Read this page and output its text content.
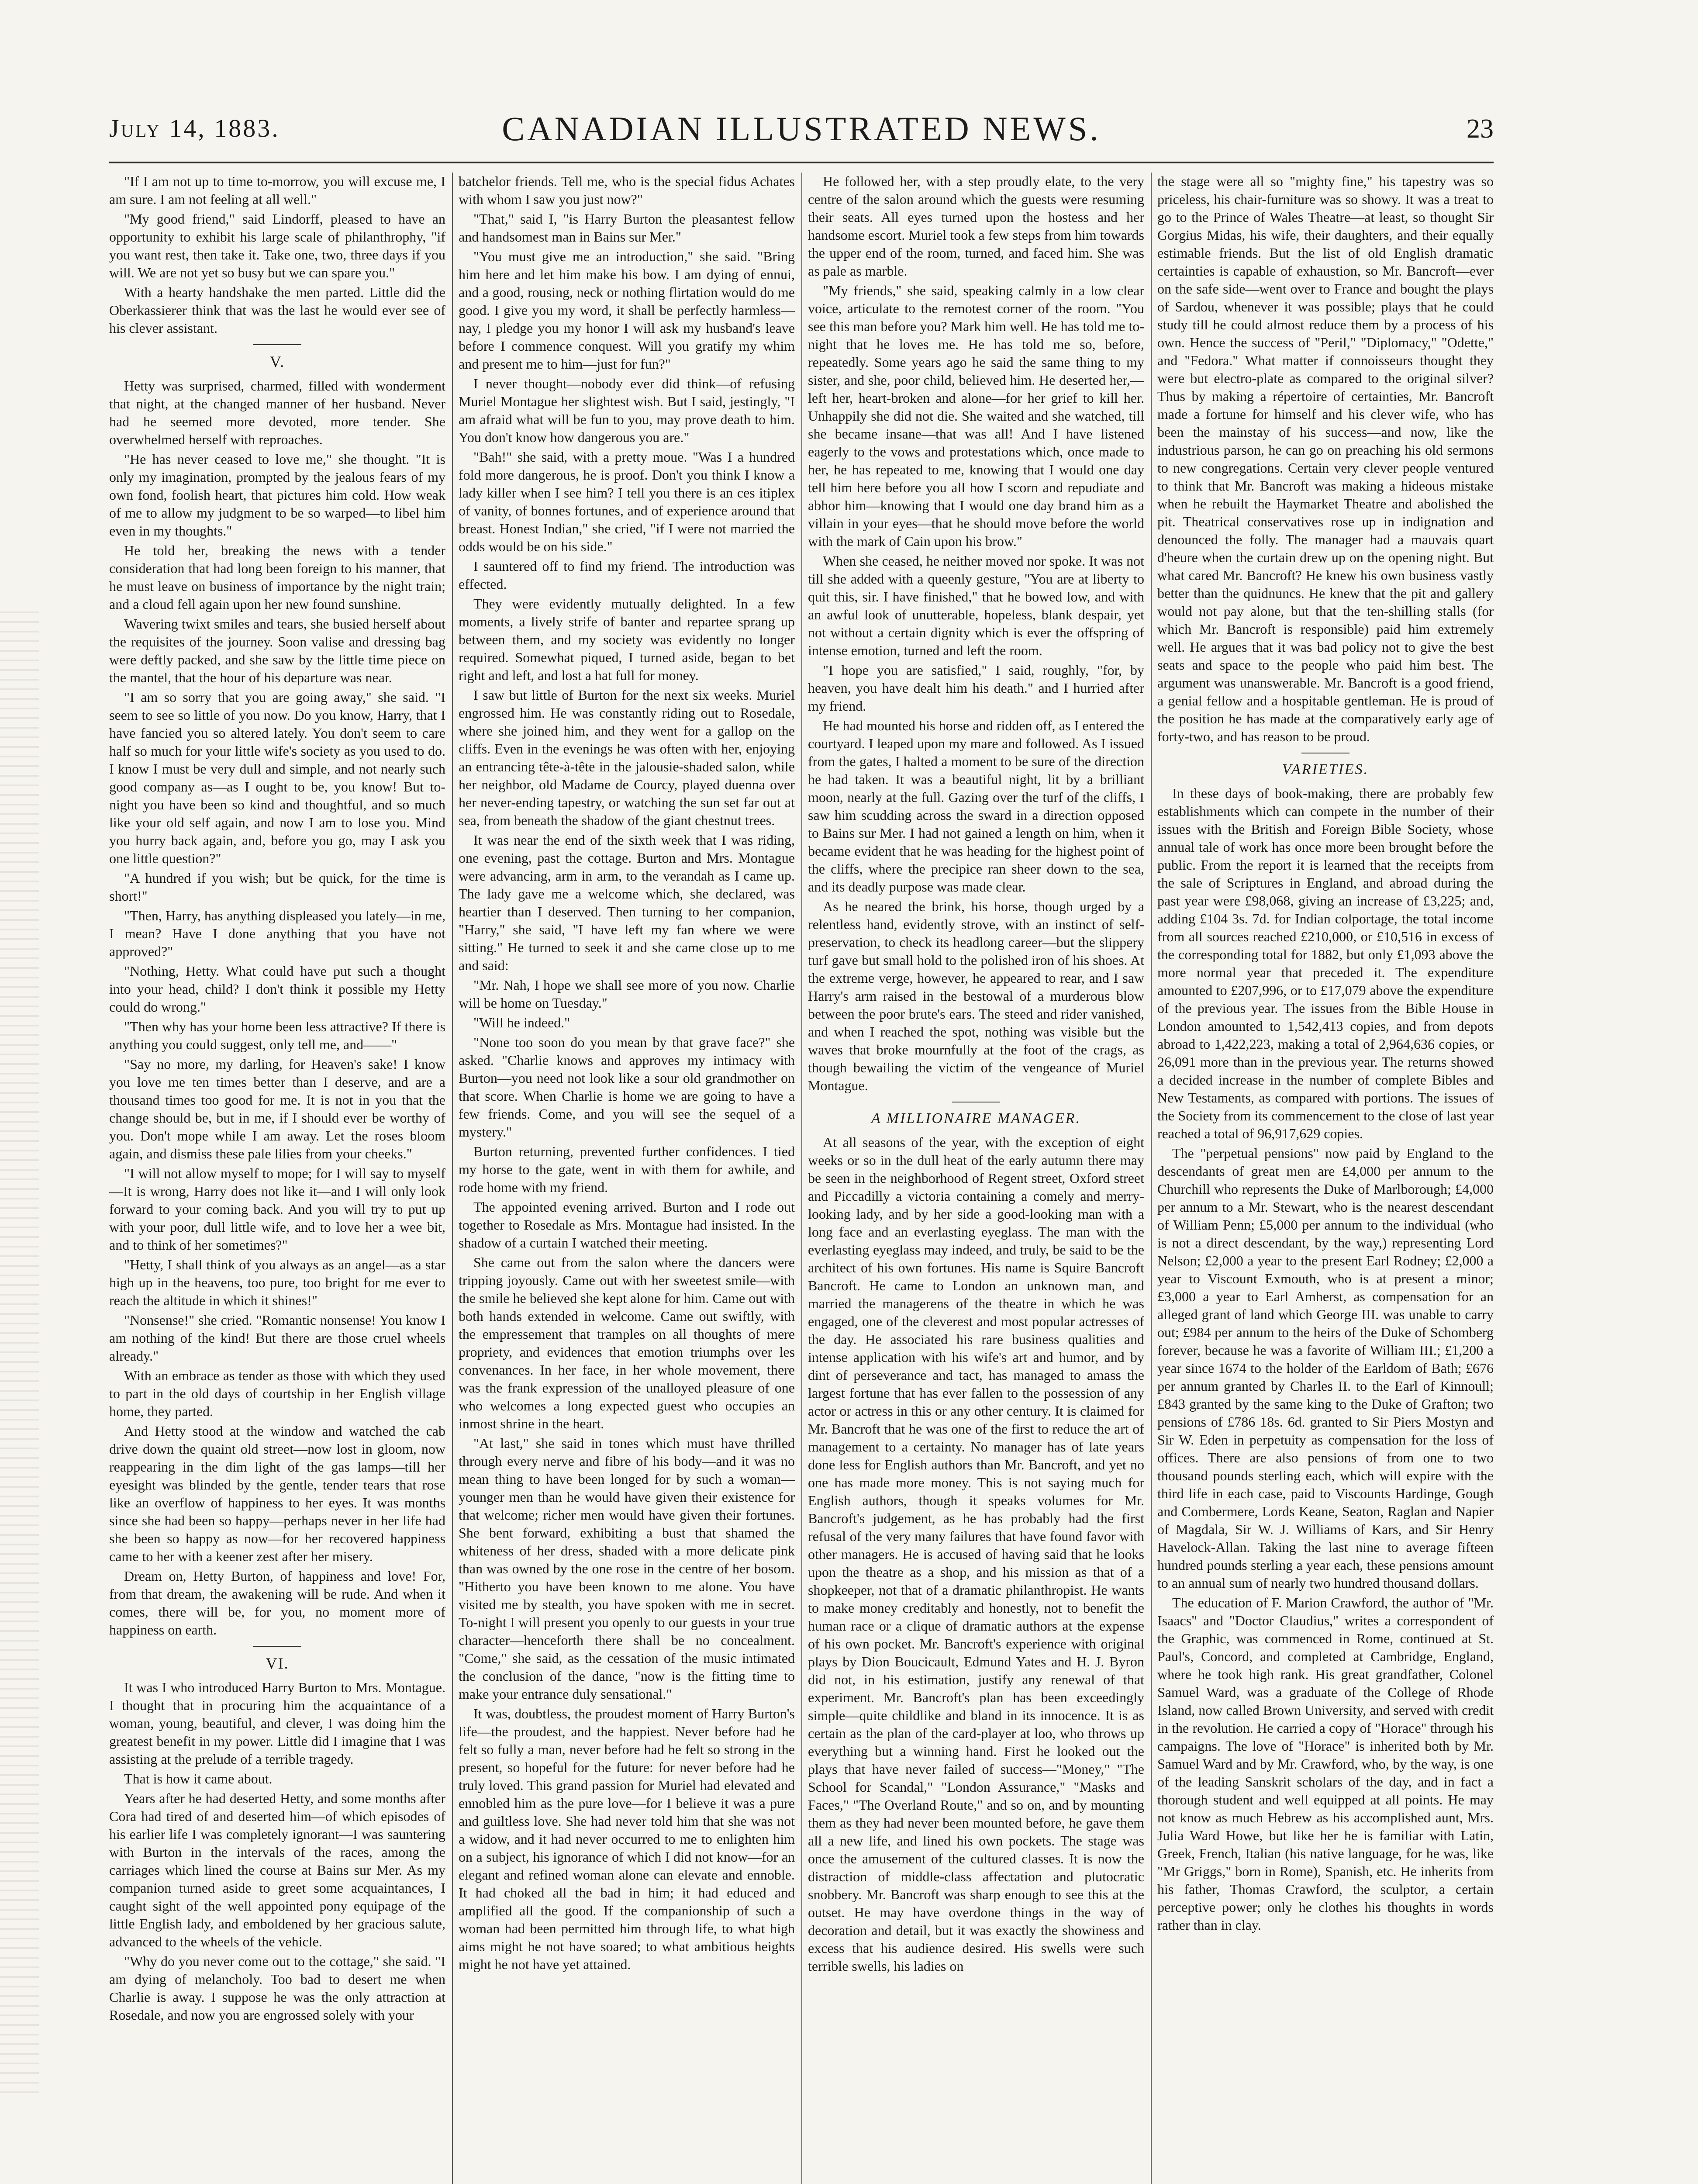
July 14, 1883.	CANADIAN ILLUSTRATED NEWS.	23

"If I am not up to time to-morrow, you will excuse me, I am sure. I am not feeling at all well."

"My good friend," said Lindorff, pleased to have an opportunity to exhibit his large scale of philanthrophy, "if you want rest, then take it. Take one, two, three days if you will. We are not yet so busy but we can spare you."

With a hearty handshake the men parted. Little did the Oberkassierer think that was the last he would ever see of his clever assistant.

V.

Hetty was surprised, charmed, filled with wonderment that night, at the changed manner of her husband. Never had he seemed more devoted, more tender. She overwhelmed herself with reproaches.

"He has never ceased to love me," she thought. "It is only my imagination, prompted by the jealous fears of my own fond, foolish heart, that pictures him cold. How weak of me to allow my judgment to be so warped—to libel him even in my thoughts."

He told her, breaking the news with a tender consideration that had long been foreign to his manner, that he must leave on business of importance by the night train; and a cloud fell again upon her new found sunshine.

Wavering twixt smiles and tears, she busied herself about the requisites of the journey. Soon valise and dressing bag were deftly packed, and she saw by the little time piece on the mantel, that the hour of his departure was near.

"I am so sorry that you are going away," she said. "I seem to see so little of you now. Do you know, Harry, that I have fancied you so altered lately. You don't seem to care half so much for your little wife's society as you used to do. I know I must be very dull and simple, and not nearly such good company as—as I ought to be, you know! But to-night you have been so kind and thoughtful, and so much like your old self again, and now I am to lose you. Mind you hurry back again, and, before you go, may I ask you one little question?"

"A hundred if you wish; but be quick, for the time is short!"

"Then, Harry, has anything displeased you lately—in me, I mean? Have I done anything that you have not approved?"

"Nothing, Hetty. What could have put such a thought into your head, child? I don't think it possible my Hetty could do wrong."

"Then why has your home been less attractive? If there is anything you could suggest, only tell me, and——"

"Say no more, my darling, for Heaven's sake! I know you love me ten times better than I deserve, and are a thousand times too good for me. It is not in you that the change should be, but in me, if I should ever be worthy of you. Don't mope while I am away. Let the roses bloom again, and dismiss these pale lilies from your cheeks."

"I will not allow myself to mope; for I will say to myself—It is wrong, Harry does not like it—and I will only look forward to your coming back. And you will try to put up with your poor, dull little wife, and to love her a wee bit, and to think of her sometimes?"

"Hetty, I shall think of you always as an angel—as a star high up in the heavens, too pure, too bright for me ever to reach the altitude in which it shines!"

"Nonsense!" she cried. "Romantic nonsense! You know I am nothing of the kind! But there are those cruel wheels already."

With an embrace as tender as those with which they used to part in the old days of courtship in her English village home, they parted.

And Hetty stood at the window and watched the cab drive down the quaint old street—now lost in gloom, now reappearing in the dim light of the gas lamps—till her eyesight was blinded by the gentle, tender tears that rose like an overflow of happiness to her eyes. It was months since she had been so happy—perhaps never in her life had she been so happy as now—for her recovered happiness came to her with a keener zest after her misery.

Dream on, Hetty Burton, of happiness and love! For, from that dream, the awakening will be rude. And when it comes, there will be, for you, no moment more of happiness on earth.

VI.

It was I who introduced Harry Burton to Mrs. Montague. I thought that in procuring him the acquaintance of a woman, young, beautiful, and clever, I was doing him the greatest benefit in my power. Little did I imagine that I was assisting at the prelude of a terrible tragedy.

That is how it came about.

Years after he had deserted Hetty, and some months after Cora had tired of and deserted him—of which episodes of his earlier life I was completely ignorant—I was sauntering with Burton in the intervals of the races, among the carriages which lined the course at Bains sur Mer. As my companion turned aside to greet some acquaintances, I caught sight of the well appointed pony equipage of the little English lady, and emboldened by her gracious salute, advanced to the wheels of the vehicle.

"Why do you never come out to the cottage," she said. "I am dying of melancholy. Too bad to desert me when Charlie is away. I suppose he was the only attraction at Rosedale, and now you are engrossed solely with your

batchelor friends. Tell me, who is the special fidus Achates with whom I saw you just now?"

"That," said I, "is Harry Burton the pleasantest fellow and handsomest man in Bains sur Mer."

"You must give me an introduction," she said. "Bring him here and let him make his bow. I am dying of ennui, and a good, rousing, neck or nothing flirtation would do me good. I give you my word, it shall be perfectly harmless—nay, I pledge you my honor I will ask my husband's leave before I commence conquest. Will you gratify my whim and present me to him—just for fun?"

I never thought—nobody ever did think—of refusing Muriel Montague her slightest wish. But I said, jestingly, "I am afraid what will be fun to you, may prove death to him. You don't know how dangerous you are."

"Bah!" she said, with a pretty moue. "Was I a hundred fold more dangerous, he is proof. Don't you think I know a lady killer when I see him? I tell you there is an ces itiplex of vanity, of bonnes fortunes, and of experience around that breast. Honest Indian," she cried, "if I were not married the odds would be on his side."

I sauntered off to find my friend. The introduction was effected.

They were evidently mutually delighted. In a few moments, a lively strife of banter and repartee sprang up between them, and my society was evidently no longer required. Somewhat piqued, I turned aside, began to bet right and left, and lost a hat full for money.

I saw but little of Burton for the next six weeks. Muriel engrossed him. He was constantly riding out to Rosedale, where she joined him, and they went for a gallop on the cliffs. Even in the evenings he was often with her, enjoying an entrancing tête-à-tête in the jalousie-shaded salon, while her neighbor, old Madame de Courcy, played duenna over her never-ending tapestry, or watching the sun set far out at sea, from beneath the shadow of the giant chestnut trees.

It was near the end of the sixth week that I was riding, one evening, past the cottage. Burton and Mrs. Montague were advancing, arm in arm, to the verandah as I came up. The lady gave me a welcome which, she declared, was heartier than I deserved. Then turning to her companion, "Harry," she said, "I have left my fan where we were sitting." He turned to seek it and she came close up to me and said:

"Mr. Nah, I hope we shall see more of you now. Charlie will be home on Tuesday."

"Will he indeed."

"None too soon do you mean by that grave face?" she asked. "Charlie knows and approves my intimacy with Burton—you need not look like a sour old grandmother on that score. When Charlie is home we are going to have a few friends. Come, and you will see the sequel of a mystery."

Burton returning, prevented further confidences. I tied my horse to the gate, went in with them for awhile, and rode home with my friend.

The appointed evening arrived. Burton and I rode out together to Rosedale as Mrs. Montague had insisted. In the shadow of a curtain I watched their meeting.

She came out from the salon where the dancers were tripping joyously. Came out with her sweetest smile—with the smile he believed she kept alone for him. Came out with both hands extended in welcome. Came out swiftly, with the empressement that tramples on all thoughts of mere propriety, and evidences that emotion triumphs over les convenances. In her face, in her whole movement, there was the frank expression of the unalloyed pleasure of one who welcomes a long expected guest who occupies an inmost shrine in the heart.

"At last," she said in tones which must have thrilled through every nerve and fibre of his body—and it was no mean thing to have been longed for by such a woman—younger men than he would have given their existence for that welcome; richer men would have given their fortunes. She bent forward, exhibiting a bust that shamed the whiteness of her dress, shaded with a more delicate pink than was owned by the one rose in the centre of her bosom. "Hitherto you have been known to me alone. You have visited me by stealth, you have spoken with me in secret. To-night I will present you openly to our guests in your true character—henceforth there shall be no concealment. "Come," she said, as the cessation of the music intimated the conclusion of the dance, "now is the fitting time to make your entrance duly sensational."

It was, doubtless, the proudest moment of Harry Burton's life—the proudest, and the happiest. Never before had he felt so fully a man, never before had he felt so strong in the present, so hopeful for the future: for never before had he truly loved. This grand passion for Muriel had elevated and ennobled him as the pure love—for I believe it was a pure and guiltless love. She had never told him that she was not a widow, and it had never occurred to me to enlighten him on a subject, his ignorance of which I did not know—for an elegant and refined woman alone can elevate and ennoble. It had choked all the bad in him; it had educed and amplified all the good. If the companionship of such a woman had been permitted him through life, to what high aims might he not have soared; to what ambitious heights might he not have yet attained.

He followed her, with a step proudly elate, to the very centre of the salon around which the guests were resuming their seats. All eyes turned upon the hostess and her handsome escort. Muriel took a few steps from him towards the upper end of the room, turned, and faced him. She was as pale as marble.

"My friends," she said, speaking calmly in a low clear voice, articulate to the remotest corner of the room. "You see this man before you? Mark him well. He has told me to-night that he loves me. He has told me so, before, repeatedly. Some years ago he said the same thing to my sister, and she, poor child, believed him. He deserted her,—left her, heart-broken and alone—for her grief to kill her. Unhappily she did not die. She waited and she watched, till she became insane—that was all! And I have listened eagerly to the vows and protestations which, once made to her, he has repeated to me, knowing that I would one day tell him here before you all how I scorn and repudiate and abhor him—knowing that I would one day brand him as a villain in your eyes—that he should move before the world with the mark of Cain upon his brow."

When she ceased, he neither moved nor spoke. It was not till she added with a queenly gesture, "You are at liberty to quit this, sir. I have finished," that he bowed low, and with an awful look of unutterable, hopeless, blank despair, yet not without a certain dignity which is ever the offspring of intense emotion, turned and left the room.

"I hope you are satisfied," I said, roughly, "for, by heaven, you have dealt him his death." and I hurried after my friend.

He had mounted his horse and ridden off, as I entered the courtyard. I leaped upon my mare and followed. As I issued from the gates, I halted a moment to be sure of the direction he had taken. It was a beautiful night, lit by a brilliant moon, nearly at the full. Gazing over the turf of the cliffs, I saw him scudding across the sward in a direction opposed to Bains sur Mer. I had not gained a length on him, when it became evident that he was heading for the highest point of the cliffs, where the precipice ran sheer down to the sea, and its deadly purpose was made clear.

As he neared the brink, his horse, though urged by a relentless hand, evidently strove, with an instinct of self-preservation, to check its headlong career—but the slippery turf gave but small hold to the polished iron of his shoes. At the extreme verge, however, he appeared to rear, and I saw Harry's arm raised in the bestowal of a murderous blow between the poor brute's ears. The steed and rider vanished, and when I reached the spot, nothing was visible but the waves that broke mournfully at the foot of the crags, as though bewailing the victim of the vengeance of Muriel Montague.

A MILLIONAIRE MANAGER.

At all seasons of the year, with the exception of eight weeks or so in the dull heat of the early autumn there may be seen in the neighborhood of Regent street, Oxford street and Piccadilly a victoria containing a comely and merry-looking lady, and by her side a good-looking man with a long face and an everlasting eyeglass. The man with the everlasting eyeglass may indeed, and truly, be said to be the architect of his own fortunes. His name is Squire Bancroft Bancroft. He came to London an unknown man, and married the managerens of the theatre in which he was engaged, one of the cleverest and most popular actresses of the day. He associated his rare business qualities and intense application with his wife's art and humor, and by dint of perseverance and tact, has managed to amass the largest fortune that has ever fallen to the possession of any actor or actress in this or any other century. It is claimed for Mr. Bancroft that he was one of the first to reduce the art of management to a certainty. No manager has of late years done less for English authors than Mr. Bancroft, and yet no one has made more money. This is not saying much for English authors, though it speaks volumes for Mr. Bancroft's judgement, as he has probably had the first refusal of the very many failures that have found favor with other managers. He is accused of having said that he looks upon the theatre as a shop, and his mission as that of a shopkeeper, not that of a dramatic philanthropist. He wants to make money creditably and honestly, not to benefit the human race or a clique of dramatic authors at the expense of his own pocket. Mr. Bancroft's experience with original plays by Dion Boucicault, Edmund Yates and H. J. Byron did not, in his estimation, justify any renewal of that experiment. Mr. Bancroft's plan has been exceedingly simple—quite childlike and bland in its innocence. It is as certain as the plan of the card-player at loo, who throws up everything but a winning hand. First he looked out the plays that have never failed of success—"Money," "The School for Scandal," "London Assurance," "Masks and Faces," "The Overland Route," and so on, and by mounting them as they had never been mounted before, he gave them all a new life, and lined his own pockets. The stage was once the amusement of the cultured classes. It is now the distraction of middle-class affectation and plutocratic snobbery. Mr. Bancroft was sharp enough to see this at the outset. He may have overdone things in the way of decoration and detail, but it was exactly the showiness and excess that his audience desired. His swells were such terrible swells, his ladies on

the stage were all so "mighty fine," his tapestry was so priceless, his chair-furniture was so showy. It was a treat to go to the Prince of Wales Theatre—at least, so thought Sir Gorgius Midas, his wife, their daughters, and their equally estimable friends. But the list of old English dramatic certainties is capable of exhaustion, so Mr. Bancroft—ever on the safe side—went over to France and bought the plays of Sardou, whenever it was possible; plays that he could study till he could almost reduce them by a process of his own. Hence the success of "Peril," "Diplomacy," "Odette," and "Fedora." What matter if connoisseurs thought they were but electro-plate as compared to the original silver? Thus by making a répertoire of certainties, Mr. Bancroft made a fortune for himself and his clever wife, who has been the mainstay of his success—and now, like the industrious parson, he can go on preaching his old sermons to new congregations. Certain very clever people ventured to think that Mr. Bancroft was making a hideous mistake when he rebuilt the Haymarket Theatre and abolished the pit. Theatrical conservatives rose up in indignation and denounced the folly. The manager had a mauvais quart d'heure when the curtain drew up on the opening night. But what cared Mr. Bancroft? He knew his own business vastly better than the quidnuncs. He knew that the pit and gallery would not pay alone, but that the ten-shilling stalls (for which Mr. Bancroft is responsible) paid him extremely well. He argues that it was bad policy not to give the best seats and space to the people who paid him best. The argument was unanswerable. Mr. Bancroft is a good friend, a genial fellow and a hospitable gentleman. He is proud of the position he has made at the comparatively early age of forty-two, and has reason to be proud.

VARIETIES.

In these days of book-making, there are probably few establishments which can compete in the number of their issues with the British and Foreign Bible Society, whose annual tale of work has once more been brought before the public. From the report it is learned that the receipts from the sale of Scriptures in England, and abroad during the past year were £98,068, giving an increase of £3,225; and, adding £104 3s. 7d. for Indian colportage, the total income from all sources reached £210,000, or £10,516 in excess of the corresponding total for 1882, but only £1,093 above the more normal year that preceded it. The expenditure amounted to £207,996, or to £17,079 above the expenditure of the previous year. The issues from the Bible House in London amounted to 1,542,413 copies, and from depots abroad to 1,422,223, making a total of 2,964,636 copies, or 26,091 more than in the previous year. The returns showed a decided increase in the number of complete Bibles and New Testaments, as compared with portions. The issues of the Society from its commencement to the close of last year reached a total of 96,917,629 copies.

The "perpetual pensions" now paid by England to the descendants of great men are £4,000 per annum to the Churchill who represents the Duke of Marlborough; £4,000 per annum to a Mr. Stewart, who is the nearest descendant of William Penn; £5,000 per annum to the individual (who is not a direct descendant, by the way,) representing Lord Nelson; £2,000 a year to the present Earl Rodney; £2,000 a year to Viscount Exmouth, who is at present a minor; £3,000 a year to Earl Amherst, as compensation for an alleged grant of land which George III. was unable to carry out; £984 per annum to the heirs of the Duke of Schomberg forever, because he was a favorite of William III.; £1,200 a year since 1674 to the holder of the Earldom of Bath; £676 per annum granted by Charles II. to the Earl of Kinnoull; £843 granted by the same king to the Duke of Grafton; two pensions of £786 18s. 6d. granted to Sir Piers Mostyn and Sir W. Eden in perpetuity as compensation for the loss of offices. There are also pensions of from one to two thousand pounds sterling each, which will expire with the third life in each case, paid to Viscounts Hardinge, Gough and Combermere, Lords Keane, Seaton, Raglan and Napier of Magdala, Sir W. J. Williams of Kars, and Sir Henry Havelock-Allan. Taking the last nine to average fifteen hundred pounds sterling a year each, these pensions amount to an annual sum of nearly two hundred thousand dollars.

The education of F. Marion Crawford, the author of "Mr. Isaacs" and "Doctor Claudius," writes a correspondent of the Graphic, was commenced in Rome, continued at St. Paul's, Concord, and completed at Cambridge, England, where he took high rank. His great grandfather, Colonel Samuel Ward, was a graduate of the College of Rhode Island, now called Brown University, and served with credit in the revolution. He carried a copy of "Horace" through his campaigns. The love of "Horace" is inherited both by Mr. Samuel Ward and by Mr. Crawford, who, by the way, is one of the leading Sanskrit scholars of the day, and in fact a thorough student and well equipped at all points. He may not know as much Hebrew as his accomplished aunt, Mrs. Julia Ward Howe, but like her he is familiar with Latin, Greek, French, Italian (his native language, for he was, like "Mr Griggs," born in Rome), Spanish, etc. He inherits from his father, Thomas Crawford, the sculptor, a certain perceptive power; only he clothes his thoughts in words rather than in clay.
